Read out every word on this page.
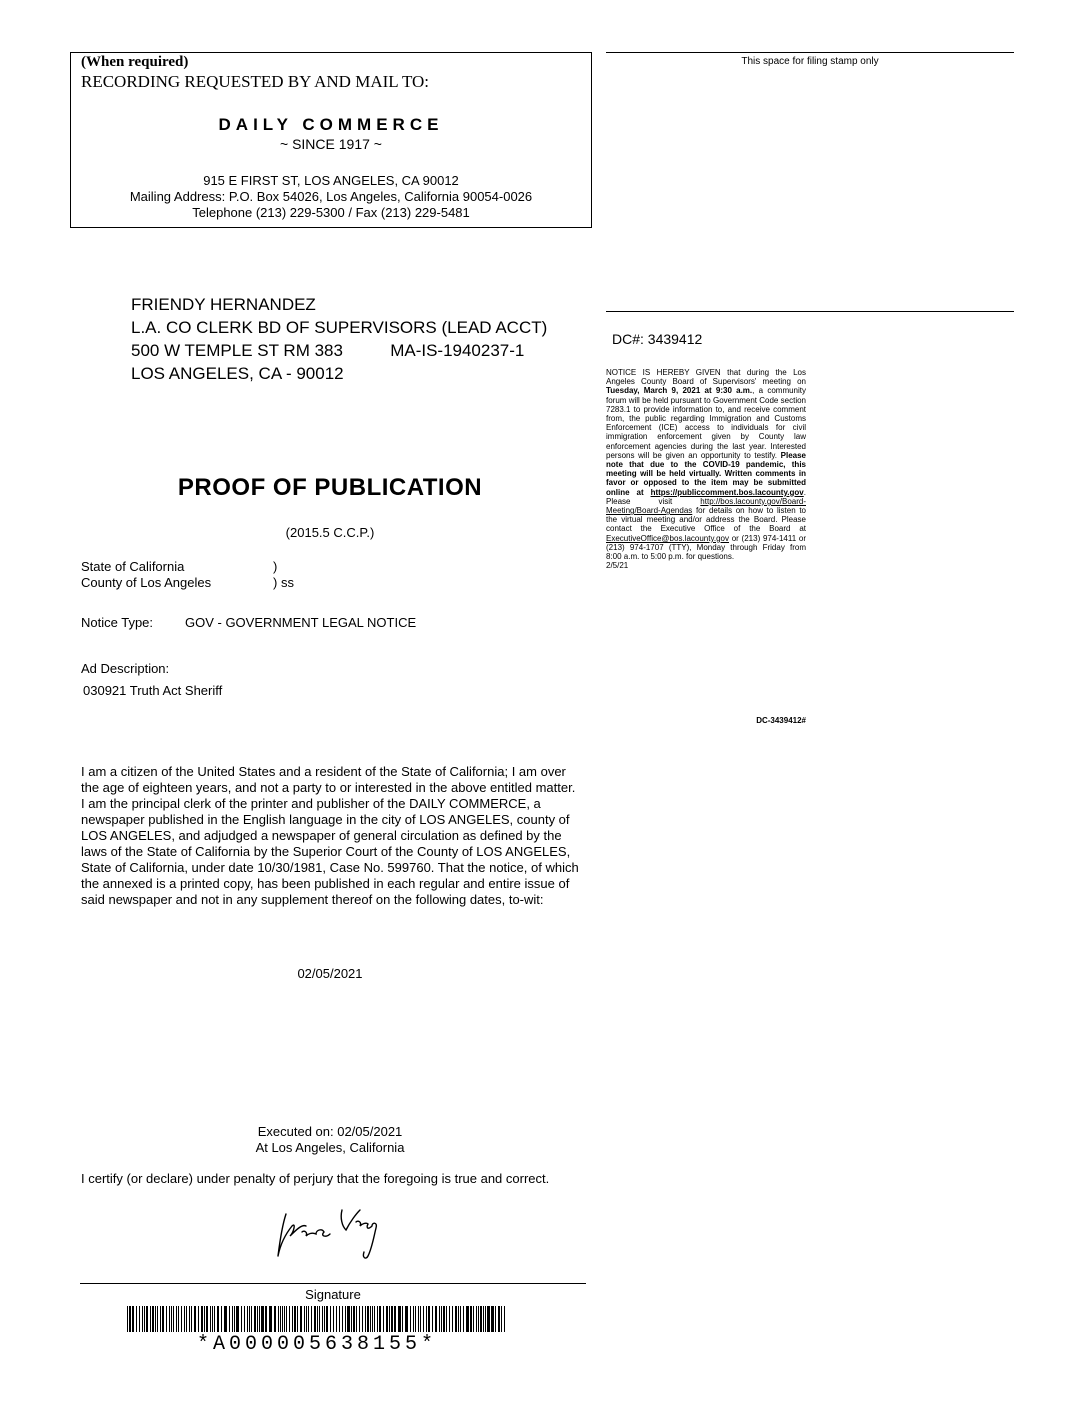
(When required)
RECORDING REQUESTED BY AND MAIL TO:
DAILY COMMERCE
~ SINCE 1917 ~
915 E FIRST ST, LOS ANGELES, CA 90012
Mailing Address: P.O. Box 54026, Los Angeles, California 90054-0026
Telephone (213) 229-5300 / Fax (213) 229-5481
This space for filing stamp only
FRIENDY HERNANDEZ
L.A. CO CLERK BD OF SUPERVISORS (LEAD ACCT)
500 W TEMPLE ST RM 383	MA-IS-1940237-1
LOS ANGELES, CA - 90012
DC#: 3439412
NOTICE IS HEREBY GIVEN that during the Los Angeles County Board of Supervisors' meeting on Tuesday, March 9, 2021 at 9:30 a.m., a community forum will be held pursuant to Government Code section 7283.1 to provide information to, and receive comment from, the public regarding Immigration and Customs Enforcement (ICE) access to individuals for civil immigration enforcement given by County law enforcement agencies during the last year. Interested persons will be given an opportunity to testify. Please note that due to the COVID-19 pandemic, this meeting will be held virtually. Written comments in favor or opposed to the item may be submitted online at https://publiccomment.bos.lacounty.gov. Please visit http://bos.lacounty.gov/Board-Meeting/Board-Agendas for details on how to listen to the virtual meeting and/or address the Board. Please contact the Executive Office of the Board at ExecutiveOffice@bos.lacounty.gov or (213) 974-1411 or (213) 974-1707 (TTY), Monday through Friday from 8:00 a.m. to 5:00 p.m. for questions.
2/5/21
DC-3439412#
PROOF OF PUBLICATION
(2015.5 C.C.P.)
State of California
County of Los Angeles
)
) ss
Notice Type: GOV - GOVERNMENT LEGAL NOTICE
Ad Description:
030921 Truth Act Sheriff
I am a citizen of the United States and a resident of the State of California; I am over the age of eighteen years, and not a party to or interested in the above entitled matter. I am the principal clerk of the printer and publisher of the DAILY COMMERCE, a newspaper published in the English language in the city of LOS ANGELES, county of LOS ANGELES, and adjudged a newspaper of general circulation as defined by the laws of the State of California by the Superior Court of the County of LOS ANGELES, State of California, under date 10/30/1981, Case No. 599760. That the notice, of which the annexed is a printed copy, has been published in each regular and entire issue of said newspaper and not in any supplement thereof on the following dates, to-wit:
02/05/2021
Executed on: 02/05/2021
At Los Angeles, California
I certify (or declare) under penalty of perjury that the foregoing is true and correct.
Signature
*A000005638155*
